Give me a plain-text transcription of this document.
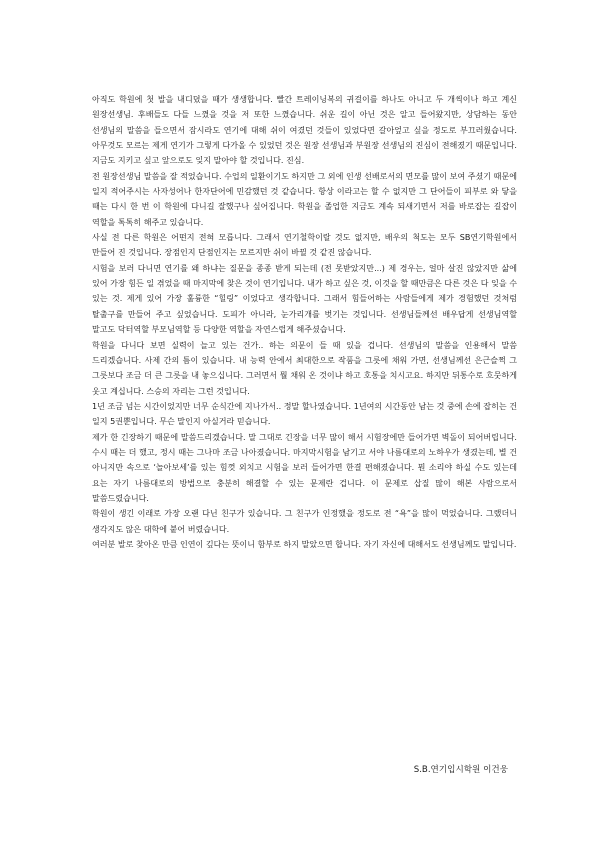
아직도 학원에 첫 발을 내디뎠을 때가 생생합니다. 빨간 트레이닝복의 귀걸이를 하나도 아니고 두 개씩이나 하고 계신 원장선생님. 후배들도 다들 느꼈을 것을 저 또한 느꼈습니다. 쉬운 길이 아닌 것은 알고 들어왔지만, 상담하는 동안 선생님의 말씀을 들으면서 잠시라도 연기에 대해 쉬이 여겼던 것들이 있었다면 갈아엎고 싶을 정도로 부끄러웠습니다. 아무것도 모르는 제게 연기가 그렇게 다가올 수 있었던 것은 원장 선생님과 부원장 선생님의 진심이 전해졌기 때문입니다. 지금도 지키고 싶고 앞으로도 잊지 말아야 할 것입니다. 진심.

전 원장선생님 말씀을 잘 적었습니다. 수업의 일환이기도 하지만 그 외에 인생 선배로서의 면모를 많이 보여 주셨기 때문에 일지 적어주시는 사자성어나 한자단어에 민감했던 것 같습니다. 항상 이라고는 할 수 없지만 그 단어들이 피부로 와 닿을 때는 다시 한 번 이 학원에 다니길 잘했구나 싶어집니다. 학원을 졸업한 지금도 계속 되새기면서 저를 바로잡는 길잡이 역할을 톡톡히 해주고 있습니다.

사실 전 다른 학원은 어떤지 전혀 모릅니다. 그래서 연기철학이랄 것도 없지만, 배우의 척도는 모두 SB연기학원에서 만들어 진 것입니다. 장점인지 단점인지는 모르지만 쉬이 바뀔 것 같진 않습니다.

시험을 보러 다니면 연기를 왜 하냐는 질문을 종종 받게 되는데 (전 못받았지만...) 제 경우는, 얼마 살진 않았지만 삶에 있어 가장 힘든 일 겪었을 때 마지막에 찾은 것이 연기입니다. 내가 하고 싶은 것, 이것을 할 때만큼은 다른 것은 다 잊을 수 있는 것. 제게 있어 가장 훌륭한 “힐링” 이었다고 생각합니다. 그래서 힘들어하는 사람들에게 제가 경험했던 것처럼 탈출구를 만들어 주고 싶었습니다. 도피가 아니라, 눈가리개를 벗기는 것입니다. 선생님들께선 배우답게 선생님역할 말고도 닥터역할 부모님역할 등 다양한 역할을 자연스럽게 해주셨습니다.

학원을 다니다 보면 실력이 늘고 있는 건가.. 하는 의문이 들 때 있을 겁니다. 선생님의 말씀을 인용해서 말씀 드리겠습니다. 사제 간의 틈이 있습니다. 내 능력 안에서 최대한으로 작품을 그릇에 채워 가면, 선생님께선 은근슬쩍 그 그릇보다 조금 더 큰 그릇을 내 놓으십니다. 그러면서 뭘 채워 온 것이냐 하고 호통을 치시고요. 하지만 뒤통수로 흐뭇하게 웃고 계십니다. 스승의 자리는 그런 것입니다.

1년 조금 넘는 시간이었지만 너무 순식간에 지나가서.. 정말 할나였습니다. 1년여의 시간동안 남는 것 중에 손에 잡히는 건 일지 5권뿐입니다. 무슨 말인지 아실거라 믿습니다.

제가 한 긴장하기 때문에 말씀드리겠습니다. 말 그대로 긴장을 너무 많이 해서 시험장에만 들어가면 벽돌이 되어버립니다. 수시 때는 더 했고, 정시 때는 그나마 조금 나아졌습니다. 마지막시험을 남기고 서야 나름대로의 노하우가 생겼는데, 별 건 아니지만 속으로 ‘놀아보세’를 있는 힘껏 외치고 시험을 보러 들어가면 한결 편해졌습니다. 뭔 소리야 하실 수도 있는데 요는 자기 나름대로의 방법으로 충분히 해결할 수 있는 문제란 겁니다. 이 문제로 삽질 많이 해본 사람으로서 말씀드렸습니다.

학원이 생긴 이래로 가장 오랜 다닌 친구가 있습니다. 그 친구가 인정했을 정도로 전 “욕”을 많이 먹었습니다. 그랬더니 생각지도 않은 대학에 붙어 버렸습니다.

여러분 발로 찾아온 만큼 인연이 깊다는 뜻이니 함부로 하지 말았으면 합니다. 자기 자신에 대해서도 선생님께도 말입니다.

S.B.연기입시학원 이건웅
